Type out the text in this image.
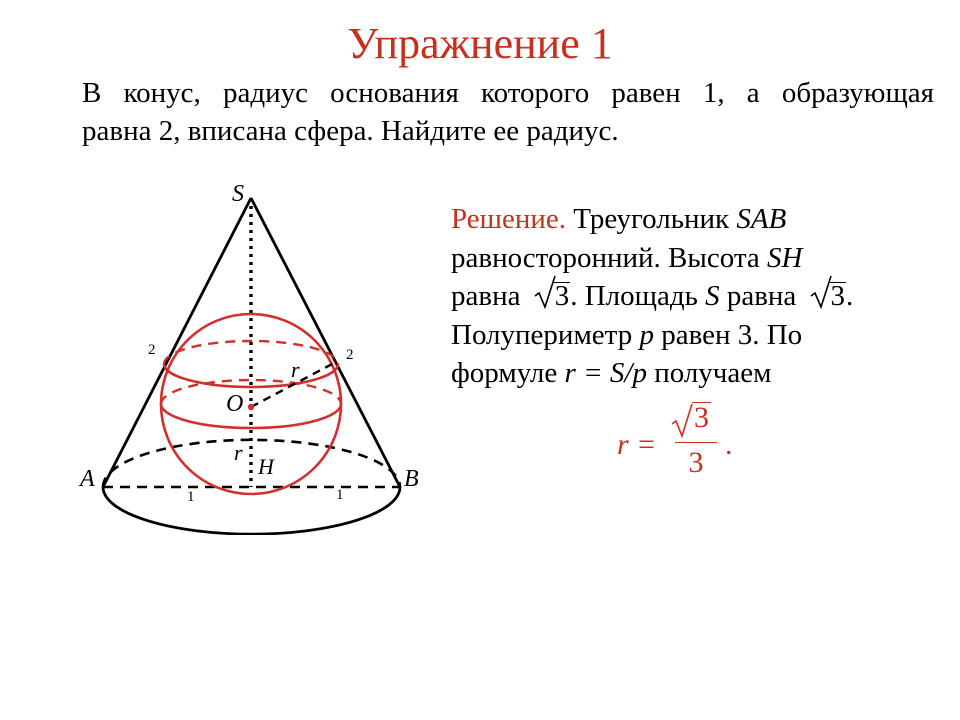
Упражнение 1
В конус, радиус основания которого равен 1, а образующая
равна 2, вписана сфера. Найдите ее радиус.
S
A	B
O
H
r
r
2	2
1	1
Решение. Треугольник SAB
равносторонний. Высота SH
равна
3. Площадь S равна
3.
Полупериметр p равен 3. По
формуле r = S/p получаем
r =
3
3
.
